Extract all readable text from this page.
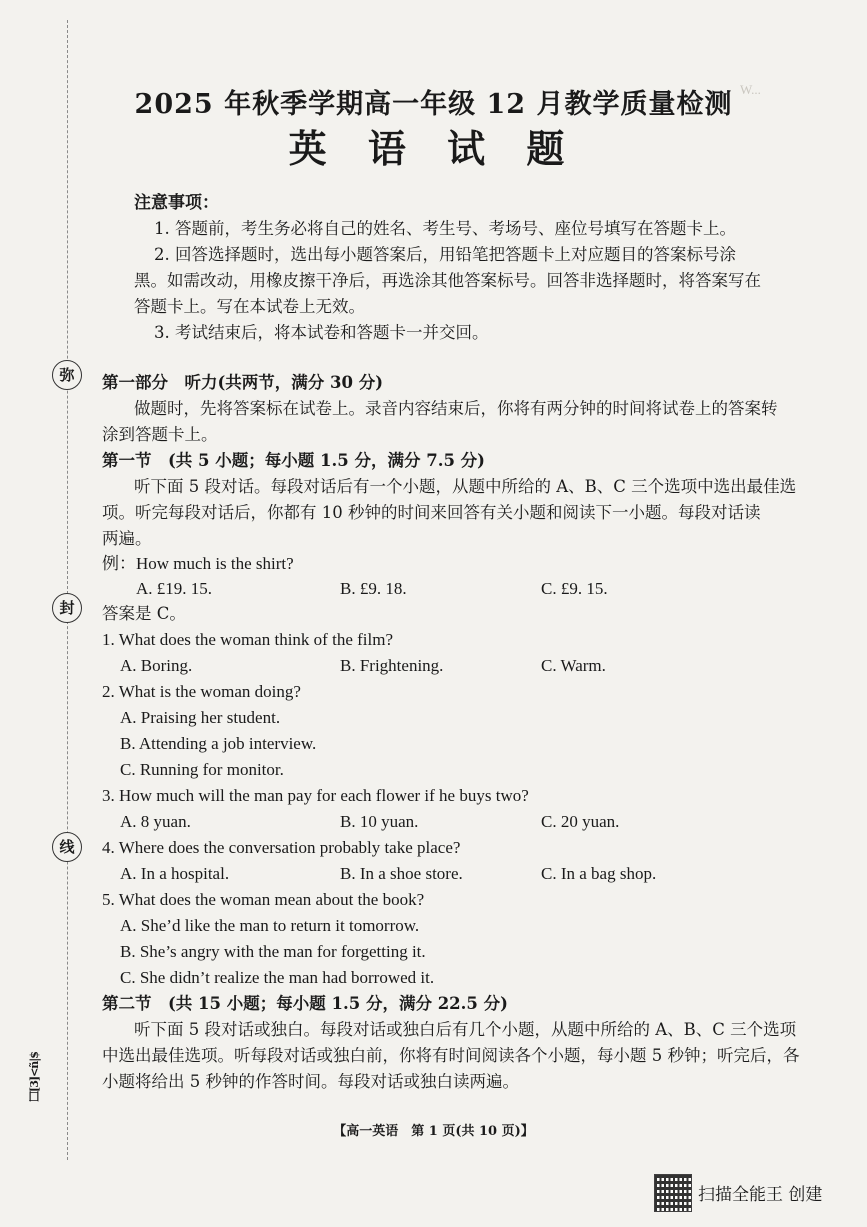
W...
弥
封
线
囗[3]<ñ|$
2025 年秋季学期高一年级 12 月教学质量检测
英 语 试 题
注意事项：
1. 答题前，考生务必将自己的姓名、考生号、考场号、座位号填写在答题卡上。
2. 回答选择题时，选出每小题答案后，用铅笔把答题卡上对应题目的答案标号涂
黑。如需改动，用橡皮擦干净后，再选涂其他答案标号。回答非选择题时，将答案写在
答题卡上。写在本试卷上无效。
3. 考试结束后，将本试卷和答题卡一并交回。
第一部分　听力(共两节，满分 30 分)
做题时，先将答案标在试卷上。录音内容结束后，你将有两分钟的时间将试卷上的答案转
涂到答题卡上。
第一节　(共 5 小题；每小题 1.5 分，满分 7.5 分)
听下面 5 段对话。每段对话后有一个小题，从题中所给的 A、B、C 三个选项中选出最佳选
项。听完每段对话后，你都有 10 秒钟的时间来回答有关小题和阅读下一小题。每段对话读
两遍。
例：How much is the shirt?
A. £19. 15.	B. £9. 18.	C. £9. 15.
答案是 C。
1. What does the woman think of the film?
A. Boring.	B. Frightening.	C. Warm.
2. What is the woman doing?
A. Praising her student.
B. Attending a job interview.
C. Running for monitor.
3. How much will the man pay for each flower if he buys two?
A. 8 yuan.	B. 10 yuan.	C. 20 yuan.
4. Where does the conversation probably take place?
A. In a hospital.	B. In a shoe store.	C. In a bag shop.
5. What does the woman mean about the book?
A. She’d like the man to return it tomorrow.
B. She’s angry with the man for forgetting it.
C. She didn’t realize the man had borrowed it.
第二节　(共 15 小题；每小题 1.5 分，满分 22.5 分)
听下面 5 段对话或独白。每段对话或独白后有几个小题，从题中所给的 A、B、C 三个选项
中选出最佳选项。听每段对话或独白前，你将有时间阅读各个小题，每小题 5 秒钟；听完后，各
小题将给出 5 秒钟的作答时间。每段对话或独白读两遍。
【高一英语　第 1 页(共 10 页)】
扫描全能王 创建
